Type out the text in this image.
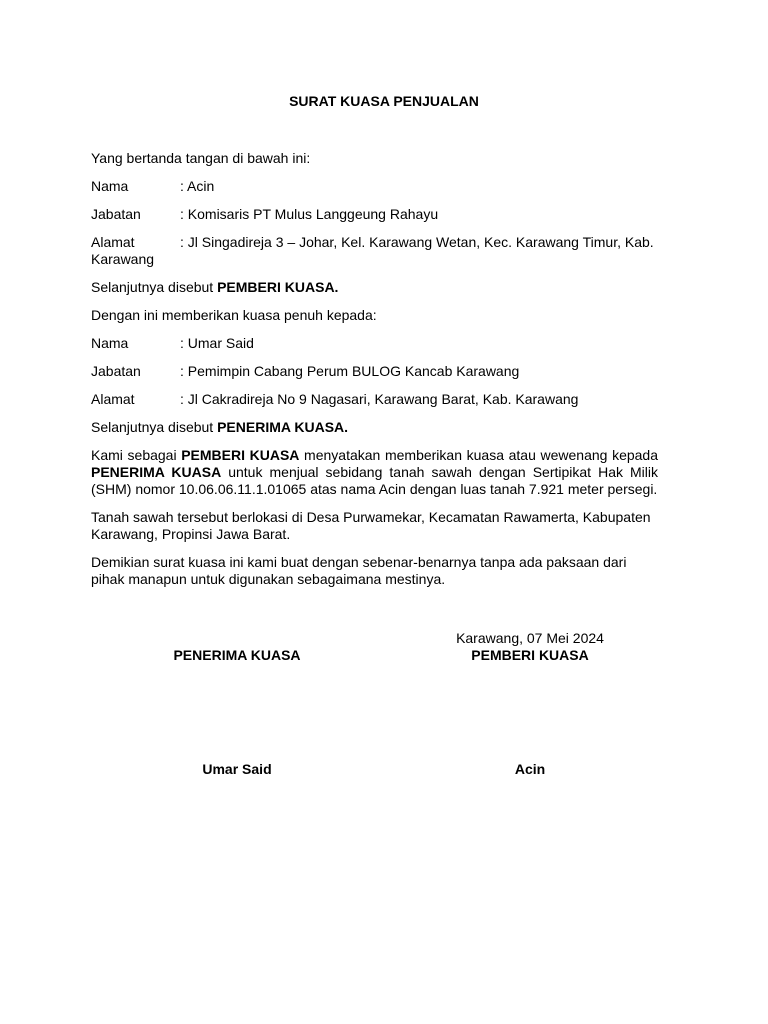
SURAT KUASA PENJUALAN

Yang bertanda tangan di bawah ini:

Nama	: Acin
Jabatan	: Komisaris PT Mulus Langgeung Rahayu
Alamat	: Jl Singadireja 3 – Johar, Kel. Karawang Wetan, Kec. Karawang Timur, Kab. Karawang

Selanjutnya disebut PEMBERI KUASA.

Dengan ini memberikan kuasa penuh kepada:

Nama	: Umar Said
Jabatan	: Pemimpin Cabang Perum BULOG Kancab Karawang
Alamat	: Jl Cakradireja No 9 Nagasari, Karawang Barat, Kab. Karawang

Selanjutnya disebut PENERIMA KUASA.

Kami sebagai PEMBERI KUASA menyatakan memberikan kuasa atau wewenang kepada PENERIMA KUASA untuk menjual sebidang tanah sawah dengan Sertipikat Hak Milik (SHM) nomor 10.06.06.11.1.01065 atas nama Acin dengan luas tanah 7.921 meter persegi.

Tanah sawah tersebut berlokasi di Desa Purwamekar, Kecamatan Rawamerta, Kabupaten Karawang, Propinsi Jawa Barat.

Demikian surat kuasa ini kami buat dengan sebenar-benarnya tanpa ada paksaan dari pihak manapun untuk digunakan sebagaimana mestinya.

Karawang, 07 Mei 2024
PENERIMA KUASA	PEMBERI KUASA
Umar Said	Acin
